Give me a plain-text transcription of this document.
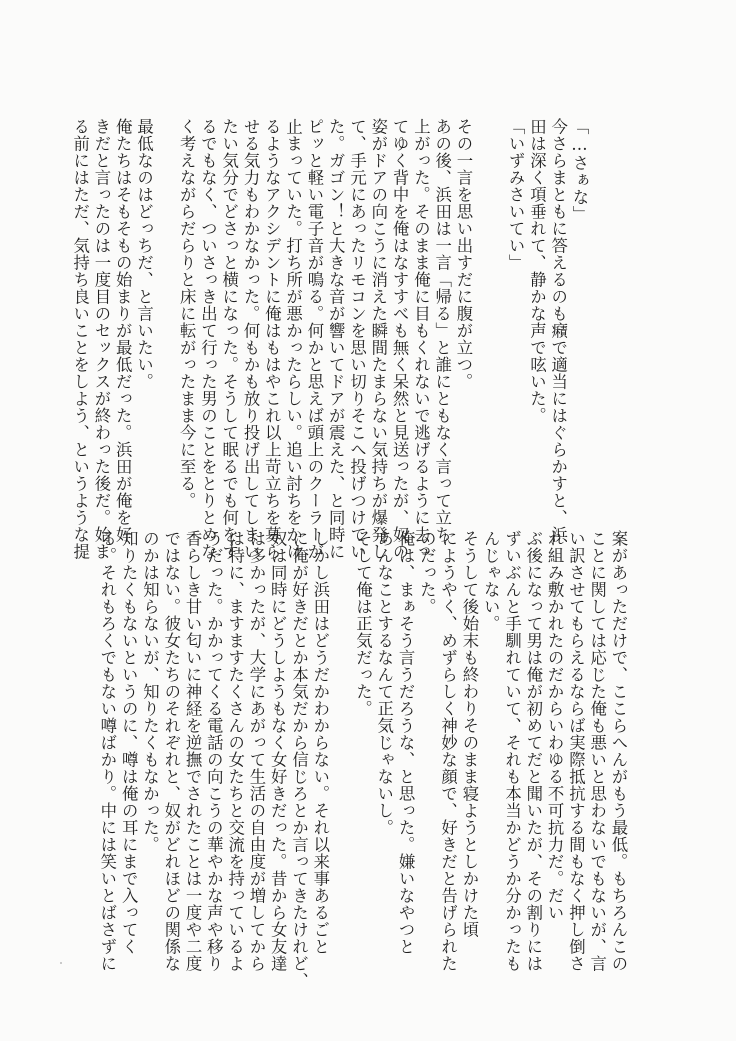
「…さぁな」

今さらまともに答えるのも癪で適当にはぐらかすと、浜

田は深く項垂れて、静かな声で呟いた。

「いずみさいてい」

その一言を思い出すだに腹が立つ。

あの後、浜田は一言「帰る」と誰にともなく言って立ち

上がった。そのまま俺に目もくれないで逃げるように去っ

てゆく背中を俺はなすすべも無く呆然と見送ったが、奴の

姿がドアの向こうに消えた瞬間たまらない気持ちが爆発し

て、手元にあったリモコンを思い切りそこへ投げつけてい

た。ガゴン！と大きな音が響いてドアが震えた、と同時に

ピッと軽い電子音が鳴る。何かと思えば頭上のクーラーが

止まっていた。打ち所が悪かったらしい。追い討ちをかけ

るようなアクシデントに俺はもはやこれ以上苛立ちを募ら

せる気力もわかなかった。何もかも放り投げ出してしまい

たい気分でどさっと横になった。そうして眠るでも何をす

るでもなく、ついさっき出て行った男のことをとりとめな

く考えながらだらりと床に転がったまま今に至る。

最低なのはどっちだ、と言いたい。

俺たちはそもそもの始まりが最低だった。浜田が俺を好

きだと言ったのは一度目のセックスが終わった後だ。始ま

る前にはただ、気持ち良いことをしよう、というような提

案があっただけで、ここらへんがもう最低。もちろんこの

ことに関しては応じた俺も悪いと思わないでもないが、言

い訳させてもらえるならば実際抵抗する間もなく押し倒さ

れ組み敷かれたのだからいわゆる不可抗力だ。だい

ぶ後になって男は俺が初めてだと聞いたが、その割りには

ずいぶんと手馴れていて、それも本当かどうか分かったも

んじゃない。

そうして後始末も終わりそのまま寝ようとしかけた頃

にようやく、めずらしく神妙な顔で、好きだと告げられた

のだった。

俺は、まぁそう言うだろうな、と思った。嫌いなやつと

あんなことするなんて正気じゃないし。

そして俺は正気だった。

しかし浜田はどうだかわからない。それ以来事あるごと

に俺が好きだとか本気だから信じろとか言ってきたけれど、

奴は同時にどうしようもなく女好きだった。昔から女友達

は多かったが、大学にあがって生活の自由度が増してから

は特に、ますますたくさんの女たちと交流を持っているよ

うだった。かかってくる電話の向こうの華やかな声や移り

香らしき甘い匂いに神経を逆撫でされたことは一度や二度

ではない。彼女たちのそれぞれと、奴がどれほどの関係な

のかは知らないが、知りたくもなかった。

知りたくもないというのに、噂は俺の耳にまで入ってく

る。それもろくでもない噂ばかり。中には笑いとばさずに
